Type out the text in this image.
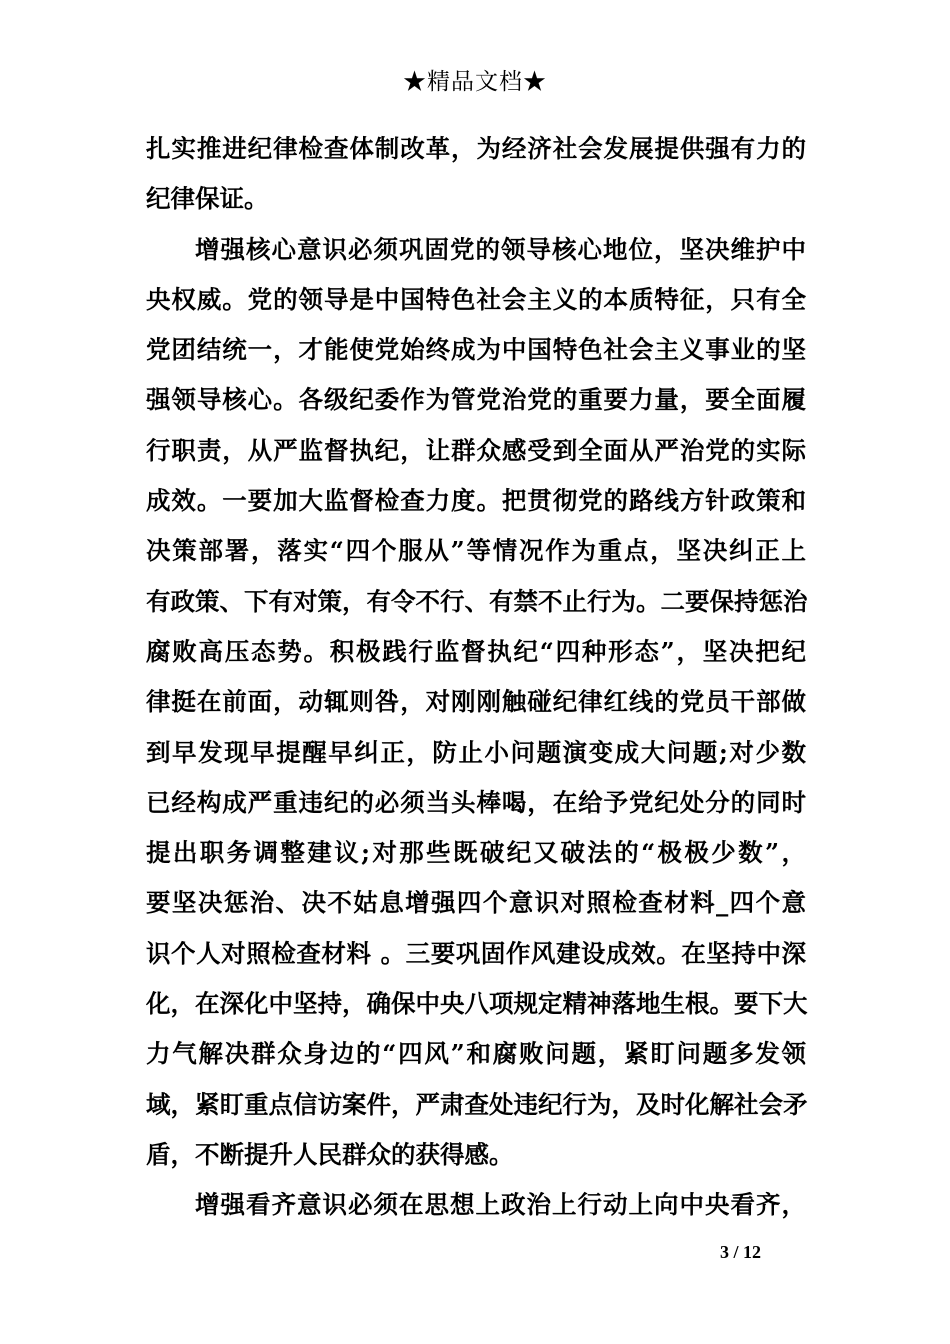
★精品文档★
扎实推进纪律检查体制改革，为经济社会发展提供强有力的
纪律保证。
增强核心意识必须巩固党的领导核心地位，坚决维护中
央权威。党的领导是中国特色社会主义的本质特征，只有全
党团结统一，才能使党始终成为中国特色社会主义事业的坚
强领导核心。各级纪委作为管党治党的重要力量，要全面履
行职责，从严监督执纪，让群众感受到全面从严治党的实际
成效。一要加大监督检查力度。把贯彻党的路线方针政策和
决策部署，落实“四个服从”等情况作为重点，坚决纠正上
有政策、下有对策，有令不行、有禁不止行为。二要保持惩治
腐败高压态势。积极践行监督执纪“四种形态”，坚决把纪
律挺在前面，动辄则咎，对刚刚触碰纪律红线的党员干部做
到早发现早提醒早纠正，防止小问题演变成大问题;对少数
已经构成严重违纪的必须当头棒喝，在给予党纪处分的同时
提出职务调整建议;对那些既破纪又破法的“极极少数”，
要坚决惩治、决不姑息增强四个意识对照检查材料_四个意
识个人对照检查材料 。三要巩固作风建设成效。在坚持中深
化，在深化中坚持，确保中央八项规定精神落地生根。要下大
力气解决群众身边的“四风”和腐败问题，紧盯问题多发领
域，紧盯重点信访案件，严肃查处违纪行为，及时化解社会矛
盾，不断提升人民群众的获得感。
增强看齐意识必须在思想上政治上行动上向中央看齐，
3 / 12
